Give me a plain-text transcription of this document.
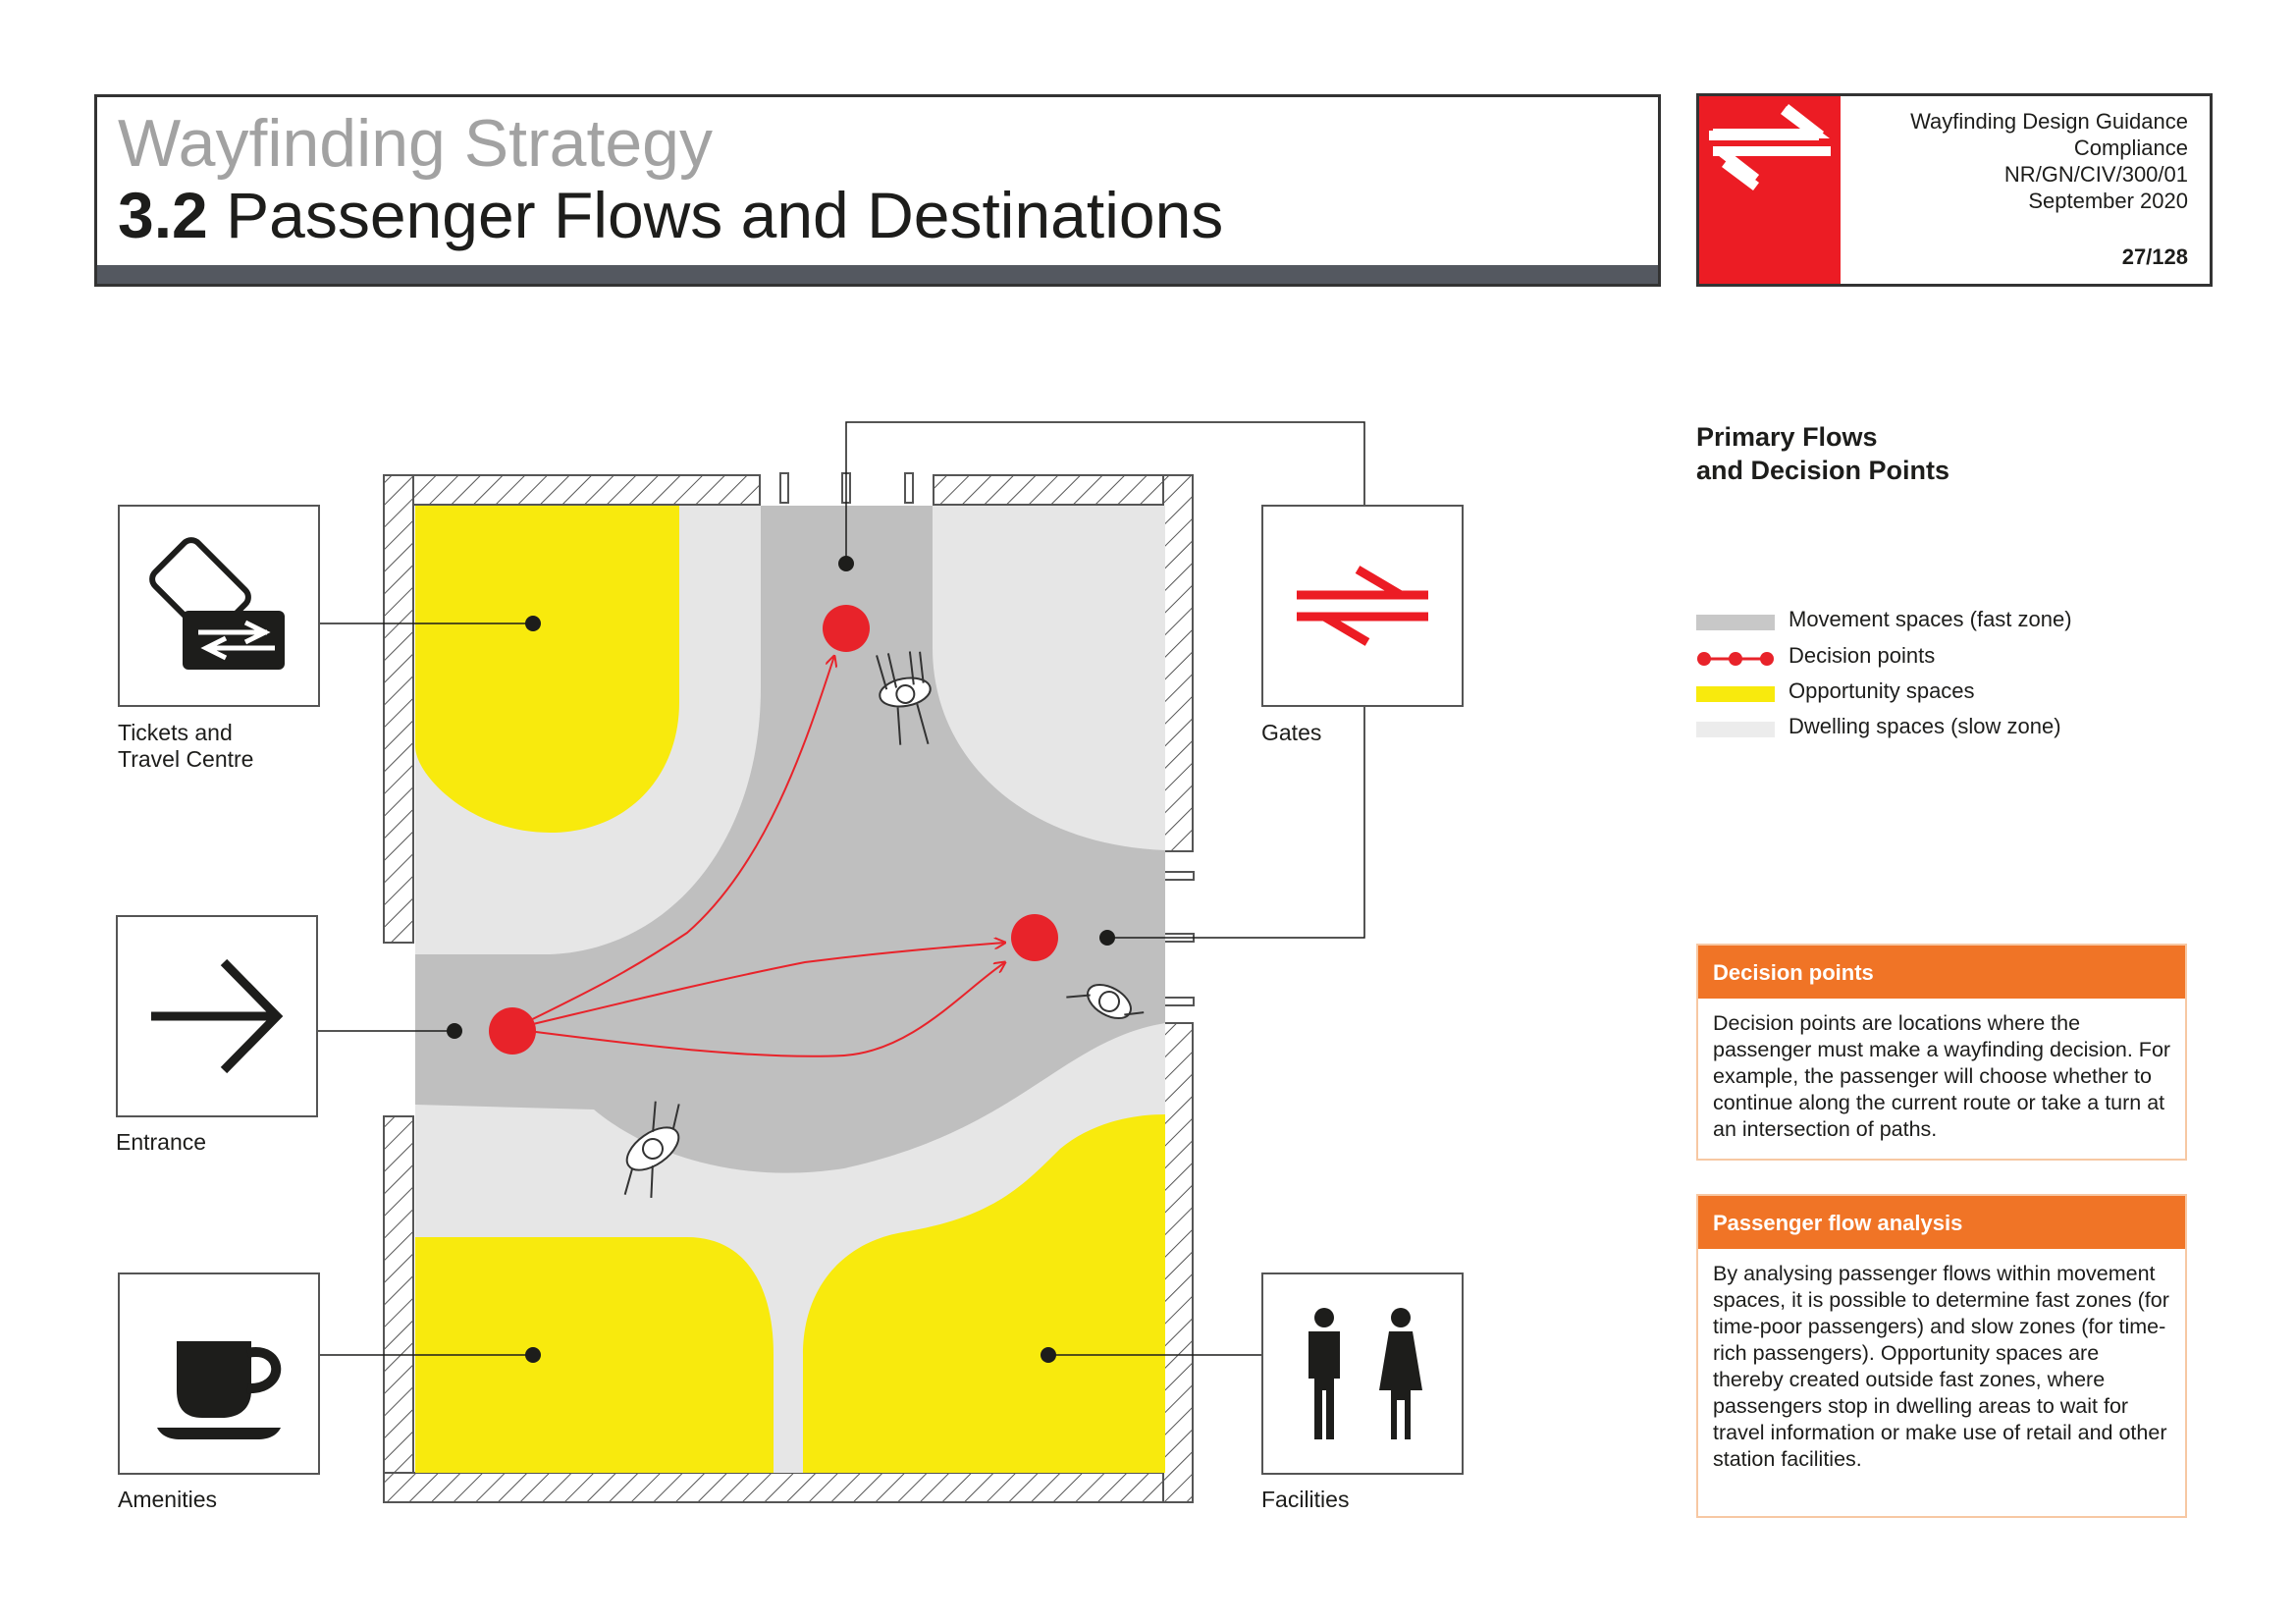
Wayfinding Strategy
3.2 Passenger Flows and Destinations
Wayfinding Design Guidance
Compliance
NR/GN/CIV/300/01
September 2020
27/128
Tickets and
Travel Centre
Gates
Entrance
Amenities	Facilities
Primary Flows
and Decision Points
Movement spaces (fast zone)
Decision points
Opportunity spaces
Dwelling spaces (slow zone)
Decision points
Decision points are locations where the passenger must make a wayfinding decision. For example, the passenger will choose whether to continue along the current route or take a turn at an intersection of paths.
Passenger flow analysis
By analysing passenger flows within movement spaces, it is possible to determine fast zones (for time-poor passengers) and slow zones (for time-rich passengers). Opportunity spaces are thereby created outside fast zones, where passengers stop in dwelling areas to wait for travel information or make use of retail and other station facilities.
